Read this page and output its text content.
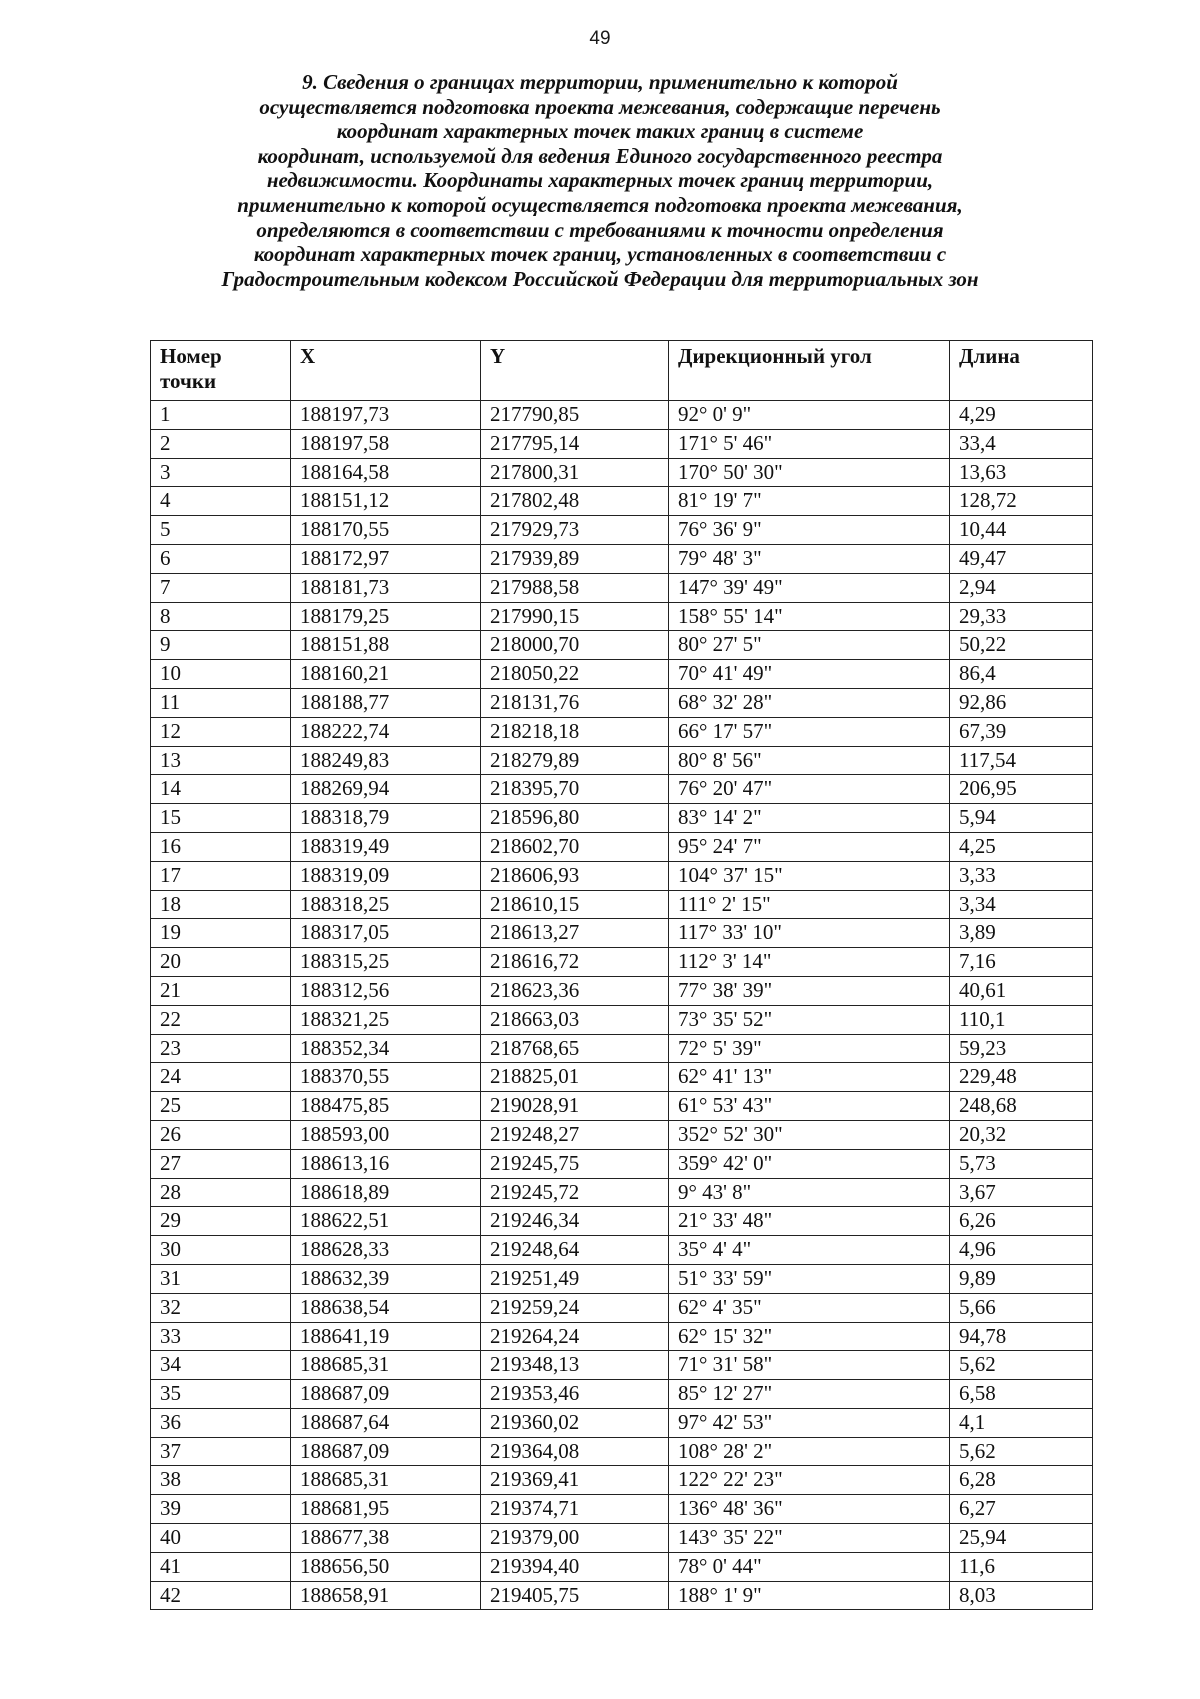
49
9. Сведения о границах территории, применительно к которой
осуществляется подготовка проекта межевания, содержащие перечень
координат характерных точек таких границ в системе
координат, используемой для ведения Единого государственного реестра
недвижимости. Координаты характерных точек границ территории,
применительно к которой осуществляется подготовка проекта межевания,
определяются в соответствии с требованиями к точности определения
координат характерных точек границ, установленных в соответствии с
Градостроительным кодексом Российской Федерации для территориальных зон
Номер
точки	X	Y	Дирекционный угол	Длина
1	188197,73	217790,85	92° 0' 9"	4,29
2	188197,58	217795,14	171° 5' 46"	33,4
3	188164,58	217800,31	170° 50' 30"	13,63
4	188151,12	217802,48	81° 19' 7"	128,72
5	188170,55	217929,73	76° 36' 9"	10,44
6	188172,97	217939,89	79° 48' 3"	49,47
7	188181,73	217988,58	147° 39' 49"	2,94
8	188179,25	217990,15	158° 55' 14"	29,33
9	188151,88	218000,70	80° 27' 5"	50,22
10	188160,21	218050,22	70° 41' 49"	86,4
11	188188,77	218131,76	68° 32' 28"	92,86
12	188222,74	218218,18	66° 17' 57"	67,39
13	188249,83	218279,89	80° 8' 56"	117,54
14	188269,94	218395,70	76° 20' 47"	206,95
15	188318,79	218596,80	83° 14' 2"	5,94
16	188319,49	218602,70	95° 24' 7"	4,25
17	188319,09	218606,93	104° 37' 15"	3,33
18	188318,25	218610,15	111° 2' 15"	3,34
19	188317,05	218613,27	117° 33' 10"	3,89
20	188315,25	218616,72	112° 3' 14"	7,16
21	188312,56	218623,36	77° 38' 39"	40,61
22	188321,25	218663,03	73° 35' 52"	110,1
23	188352,34	218768,65	72° 5' 39"	59,23
24	188370,55	218825,01	62° 41' 13"	229,48
25	188475,85	219028,91	61° 53' 43"	248,68
26	188593,00	219248,27	352° 52' 30"	20,32
27	188613,16	219245,75	359° 42' 0"	5,73
28	188618,89	219245,72	9° 43' 8"	3,67
29	188622,51	219246,34	21° 33' 48"	6,26
30	188628,33	219248,64	35° 4' 4"	4,96
31	188632,39	219251,49	51° 33' 59"	9,89
32	188638,54	219259,24	62° 4' 35"	5,66
33	188641,19	219264,24	62° 15' 32"	94,78
34	188685,31	219348,13	71° 31' 58"	5,62
35	188687,09	219353,46	85° 12' 27"	6,58
36	188687,64	219360,02	97° 42' 53"	4,1
37	188687,09	219364,08	108° 28' 2"	5,62
38	188685,31	219369,41	122° 22' 23"	6,28
39	188681,95	219374,71	136° 48' 36"	6,27
40	188677,38	219379,00	143° 35' 22"	25,94
41	188656,50	219394,40	78° 0' 44"	11,6
42	188658,91	219405,75	188° 1' 9"	8,03
